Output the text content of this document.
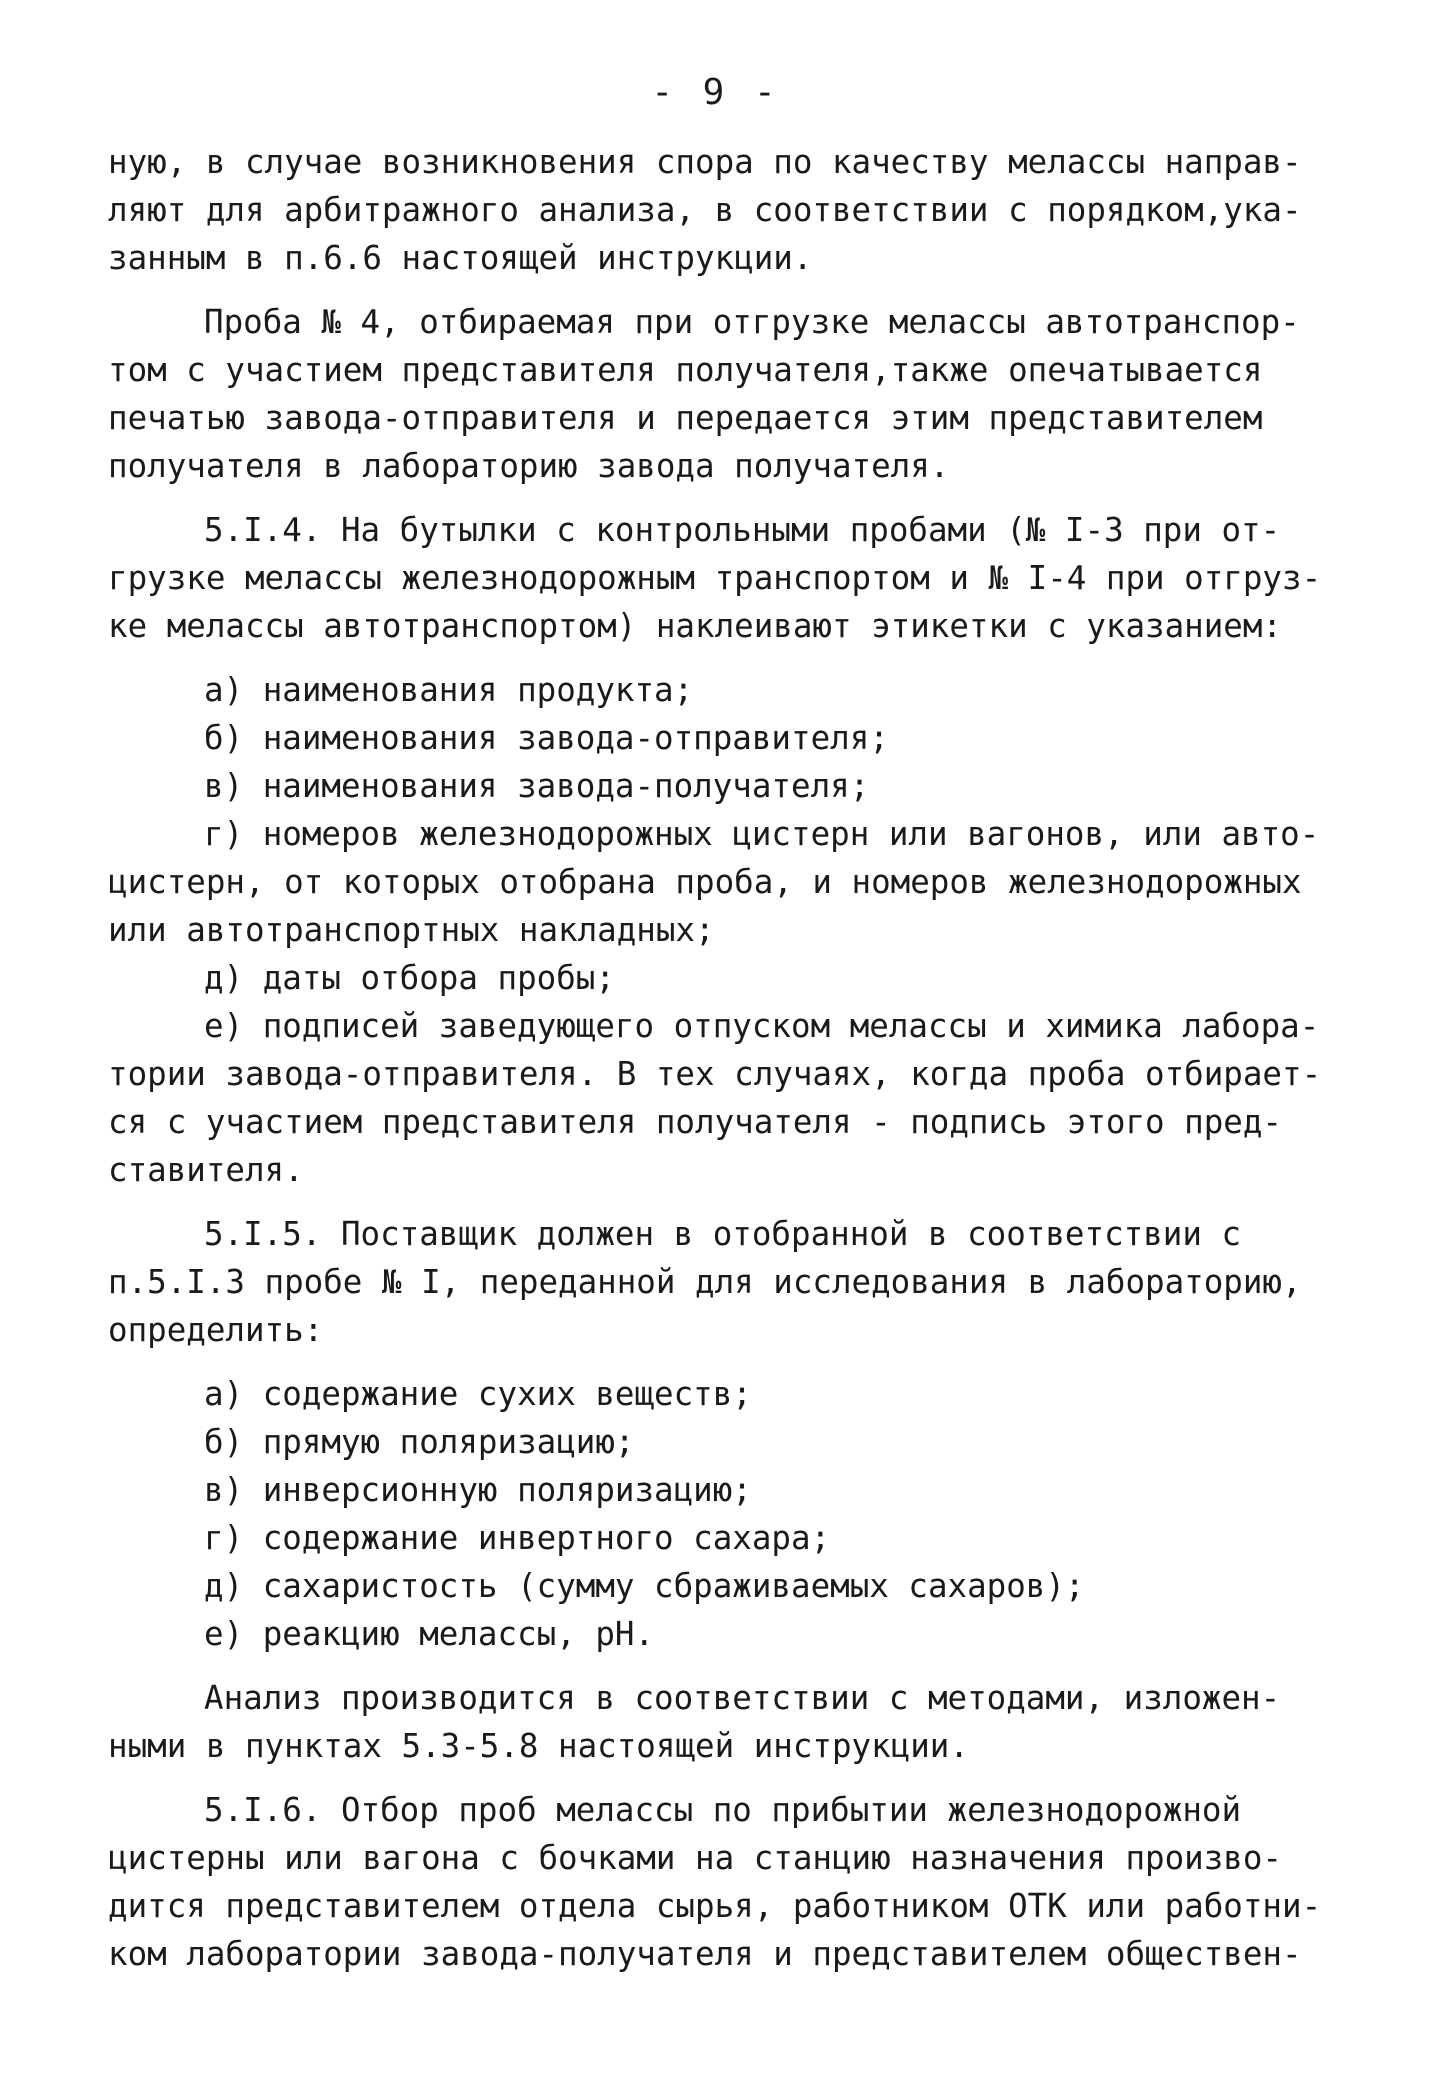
- 9 -
ную, в случае возникновения спора по качеству мелассы направ-
ляют для арбитражного анализа, в соответствии с порядком,ука-
занным в п.6.6 настоящей инструкции.
Проба № 4, отбираемая при отгрузке мелассы автотранспор-
том с участием представителя получателя,также опечатывается
печатью завода-отправителя и передается этим представителем
получателя в лабораторию завода получателя.
5.I.4. На бутылки с контрольными пробами (№ I-3 при от-
грузке мелассы железнодорожным транспортом и № I-4 при отгруз-
ке мелассы автотранспортом) наклеивают этикетки с указанием:
а) наименования продукта;
б) наименования завода-отправителя;
в) наименования завода-получателя;
г) номеров железнодорожных цистерн или вагонов, или авто-
цистерн, от которых отобрана проба, и номеров железнодорожных
или автотранспортных накладных;
д) даты отбора пробы;
е) подписей заведующего отпуском мелассы и химика лабора-
тории завода-отправителя. В тех случаях, когда проба отбирает-
ся с участием представителя получателя - подпись этого пред-
ставителя.
5.I.5. Поставщик должен в отобранной в соответствии с
п.5.I.3 пробе № I, переданной для исследования в лабораторию,
определить:
а) содержание сухих веществ;
б) прямую поляризацию;
в) инверсионную поляризацию;
г) содержание инвертного сахара;
д) сахаристость (сумму сбраживаемых сахаров);
е) реакцию мелассы, рН.
Анализ производится в соответствии с методами, изложен-
ными в пунктах 5.3-5.8 настоящей инструкции.
5.I.6. Отбор проб мелассы по прибытии железнодорожной
цистерны или вагона с бочками на станцию назначения произво-
дится представителем отдела сырья, работником ОТК или работни-
ком лаборатории завода-получателя и представителем обществен-
